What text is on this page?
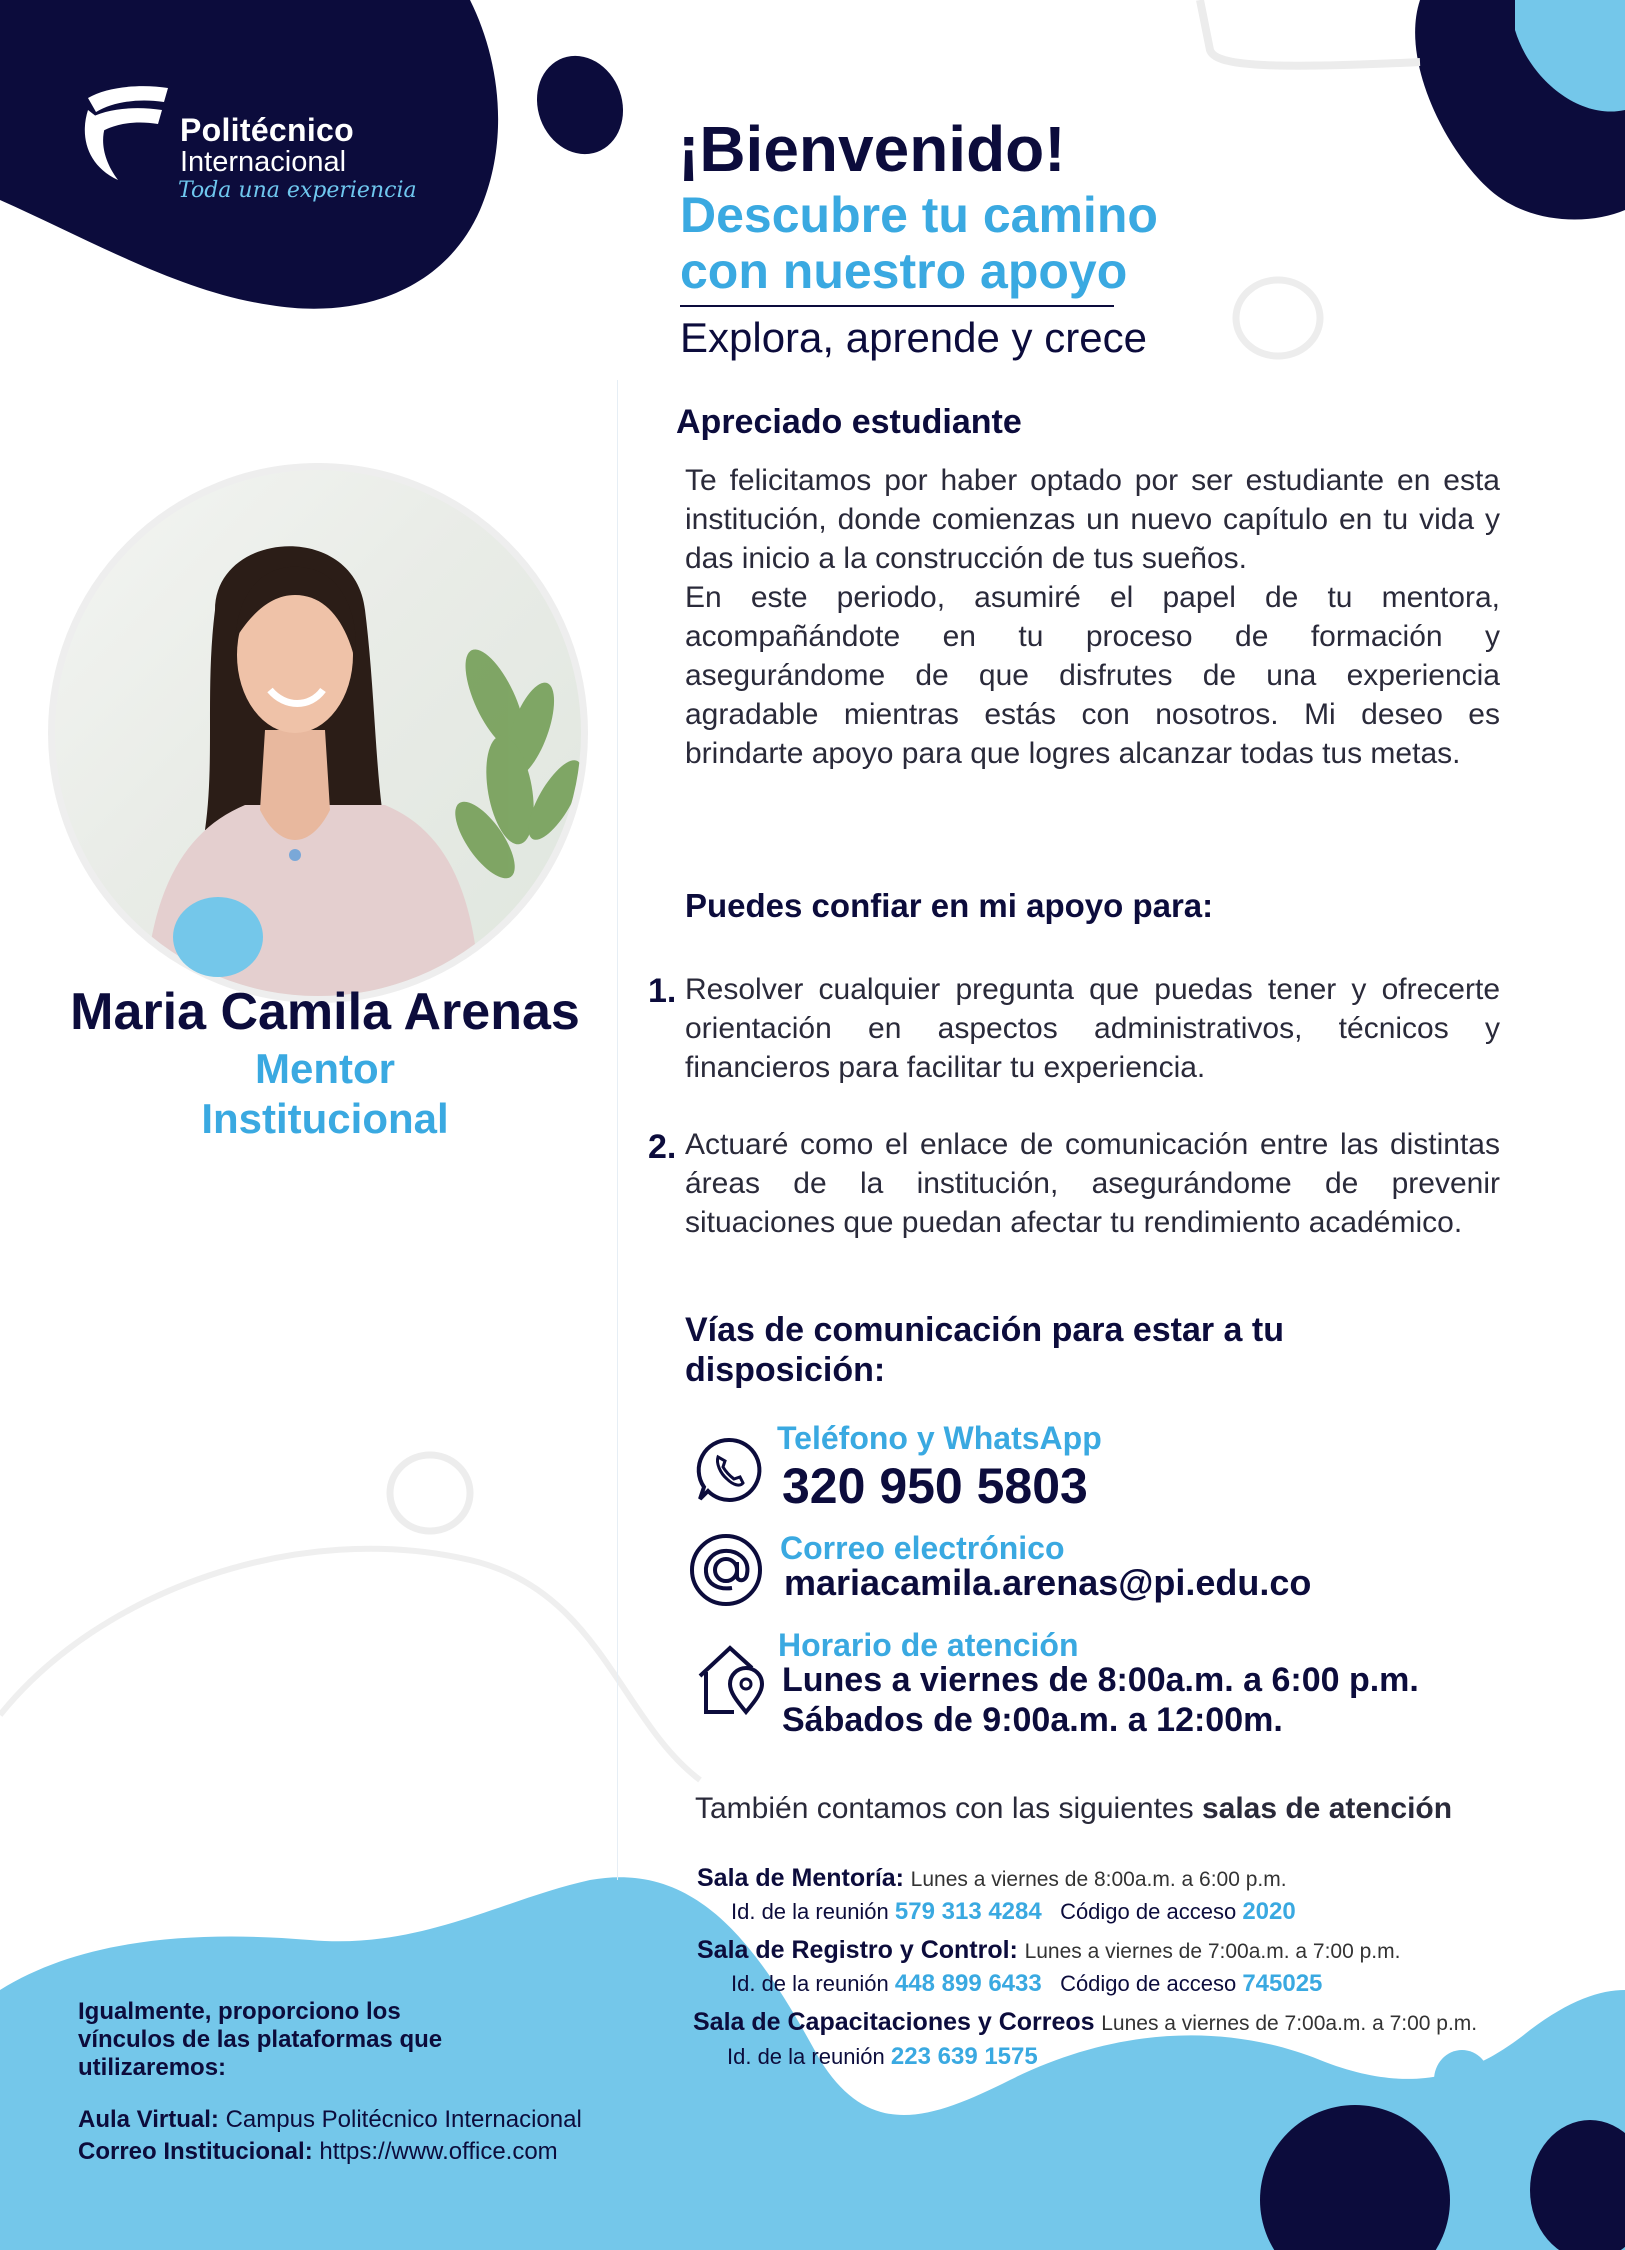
Politécnico
Internacional
Toda una experiencia
¡Bienvenido!
Descubre tu camino
con nuestro apoyo
Explora, aprende y crece
Maria Camila Arenas
Mentor
Institucional
Apreciado estudiante

Te felicitamos por haber optado por ser estudiante en esta institución, donde comienzas un nuevo capítulo en tu vida y das inicio a la construcción de tus sueños.

En este periodo, asumiré el papel de tu mentora, acompañándote en tu proceso de formación y asegurándome de que disfrutes de una experiencia agradable mientras estás con nosotros. Mi deseo es brindarte apoyo para que logres alcanzar todas tus metas.

Puedes confiar en mi apoyo para:
1. Resolver cualquier pregunta que puedas tener y ofrecerte orientación en aspectos administrativos, técnicos y financieros para facilitar tu experiencia.
2. Actuaré como el enlace de comunicación entre las distintas áreas de la institución, asegurándome de prevenir situaciones que puedan afectar tu rendimiento académico.
Vías de comunicación para estar a tu disposición:
Teléfono y WhatsApp
320 950 5803
Correo electrónico
mariacamila.arenas@pi.edu.co
Horario de atención
Lunes a viernes de 8:00a.m. a 6:00 p.m.
Sábados de 9:00a.m. a 12:00m.
También contamos con las siguientes salas de atención
Sala de Mentoría: Lunes a viernes de 8:00a.m. a 6:00 p.m.
Id. de la reunión 579 313 4284 Código de acceso 2020
Sala de Registro y Control: Lunes a viernes de 7:00a.m. a 7:00 p.m.
Id. de la reunión 448 899 6433 Código de acceso 745025
Sala de Capacitaciones y Correos Lunes a viernes de 7:00a.m. a 7:00 p.m.
Id. de la reunión 223 639 1575
Igualmente, proporciono los vínculos de las plataformas que utilizaremos:
Aula Virtual: Campus Politécnico Internacional
Correo Institucional: https://www.office.com
